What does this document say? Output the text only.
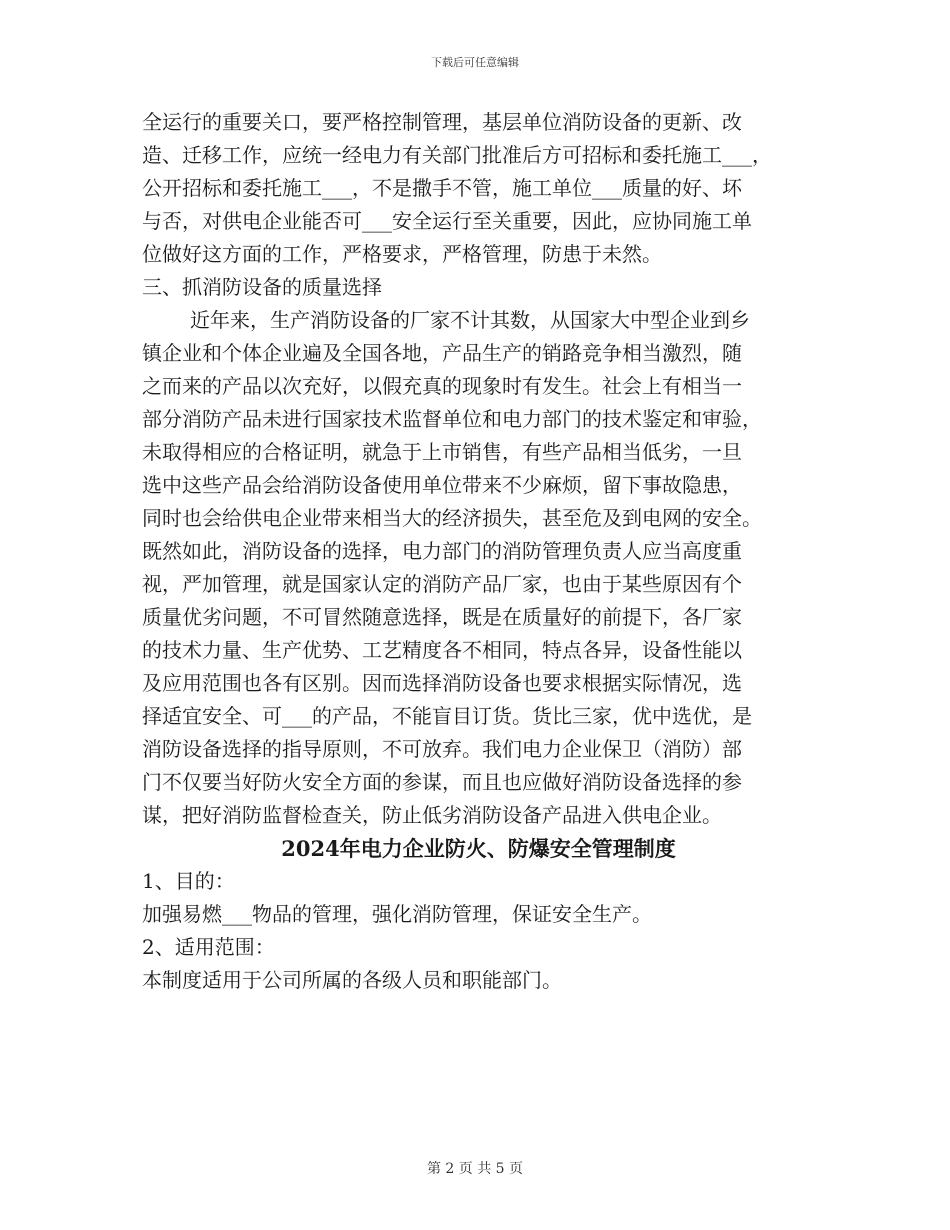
下载后可任意编辑

全运行的重要关口，要严格控制管理，基层单位消防设备的更新、改
造、迁移工作，应统一经电力有关部门批准后方可招标和委托施工___，
公开招标和委托施工___，不是撒手不管，施工单位___质量的好、坏
与否，对供电企业能否可___安全运行至关重要，因此，应协同施工单
位做好这方面的工作，严格要求，严格管理，防患于未然。

三、抓消防设备的质量选择

近年来，生产消防设备的厂家不计其数，从国家大中型企业到乡
镇企业和个体企业遍及全国各地，产品生产的销路竞争相当激烈，随
之而来的产品以次充好，以假充真的现象时有发生。社会上有相当一
部分消防产品未进行国家技术监督单位和电力部门的技术鉴定和审验，
未取得相应的合格证明，就急于上市销售，有些产品相当低劣，一旦
选中这些产品会给消防设备使用单位带来不少麻烦，留下事故隐患，
同时也会给供电企业带来相当大的经济损失，甚至危及到电网的安全。
既然如此，消防设备的选择，电力部门的消防管理负责人应当高度重
视，严加管理，就是国家认定的消防产品厂家，也由于某些原因有个
质量优劣问题，不可冒然随意选择，既是在质量好的前提下，各厂家
的技术力量、生产优势、工艺精度各不相同，特点各异，设备性能以
及应用范围也各有区别。因而选择消防设备也要求根据实际情况，选
择适宜安全、可___的产品，不能盲目订货。货比三家，优中选优，是
消防设备选择的指导原则，不可放弃。我们电力企业保卫（消防）部
门不仅要当好防火安全方面的参谋，而且也应做好消防设备选择的参
谋，把好消防监督检查关，防止低劣消防设备产品进入供电企业。

2024年电力企业防火、防爆安全管理制度

1、目的：

加强易燃___物品的管理，强化消防管理，保证安全生产。

2、适用范围：

本制度适用于公司所属的各级人员和职能部门。

第 2 页 共 5 页
